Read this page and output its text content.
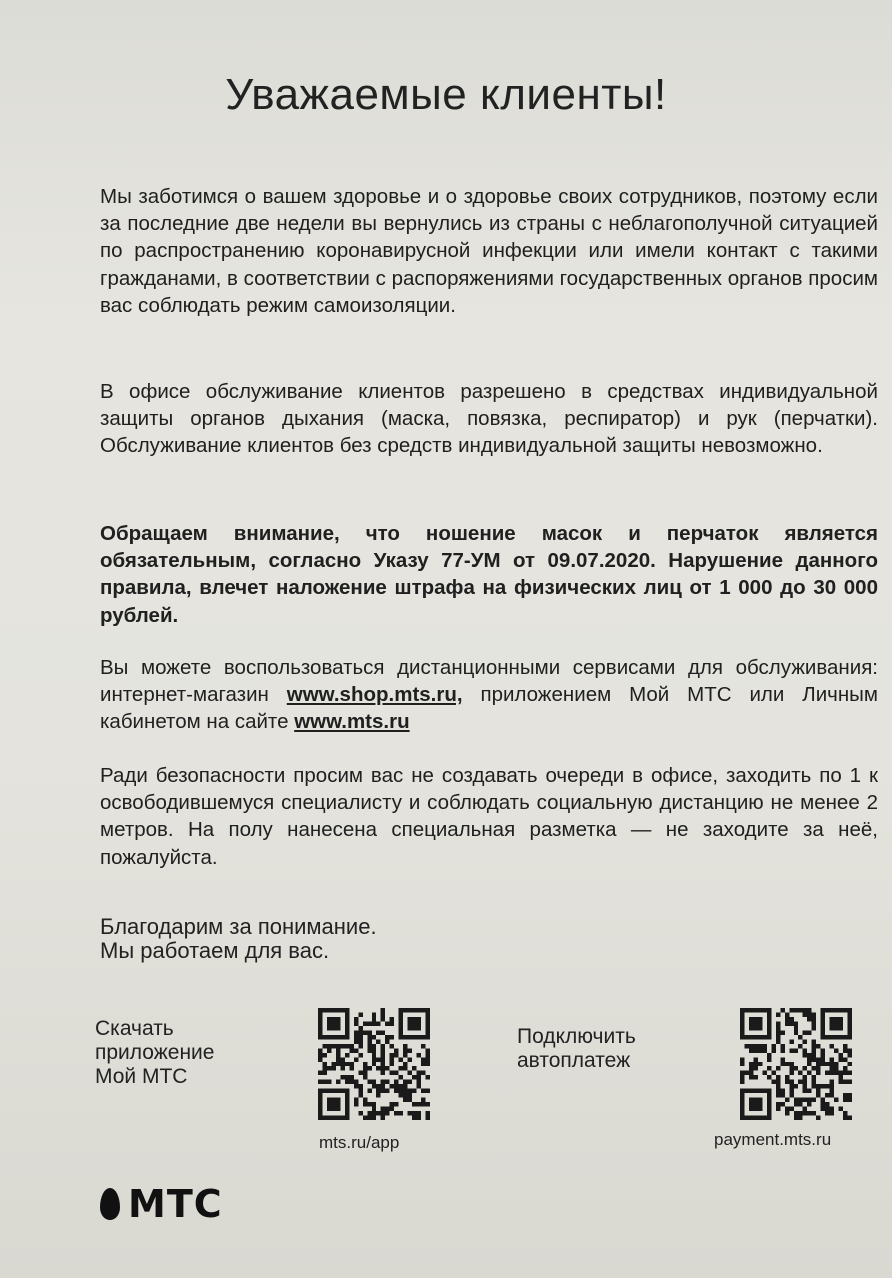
Уважаемые клиенты!
Мы заботимся о вашем здоровье и о здоровье своих сотрудников, поэтому если за последние две недели вы вернулись из страны с неблагополучной ситуацией по распространению коронавирусной инфекции или имели контакт с такими гражданами, в соответствии с распоряжениями государственных органов просим вас соблюдать режим самоизоляции.
В офисе обслуживание клиентов разрешено в средствах индивидуальной защиты органов дыхания (маска, повязка, респиратор) и рук (перчатки). Обслуживание клиентов без средств индивидуальной защиты невозможно.
Обращаем внимание, что ношение масок и перчаток является обязательным, согласно Указу 77-УМ от 09.07.2020. Нарушение данного правила, влечет наложение штрафа на физических лиц от 1 000 до 30 000 рублей.
Вы можете воспользоваться дистанционными сервисами для обслуживания: интернет-магазин www.shop.mts.ru, приложением Мой МТС или Личным кабинетом на сайте www.mts.ru
Ради безопасности просим вас не создавать очереди в офисе, заходить по 1 к освободившемуся специалисту и соблюдать социальную дистанцию не менее 2 метров. На полу нанесена специальная разметка — не заходите за неё, пожалуйста.
Благодарим за понимание.
Мы работаем для вас.
Скачать
приложение
Мой МТС
mts.ru/app
Подключить
автоплатеж
payment.mts.ru
МТС
